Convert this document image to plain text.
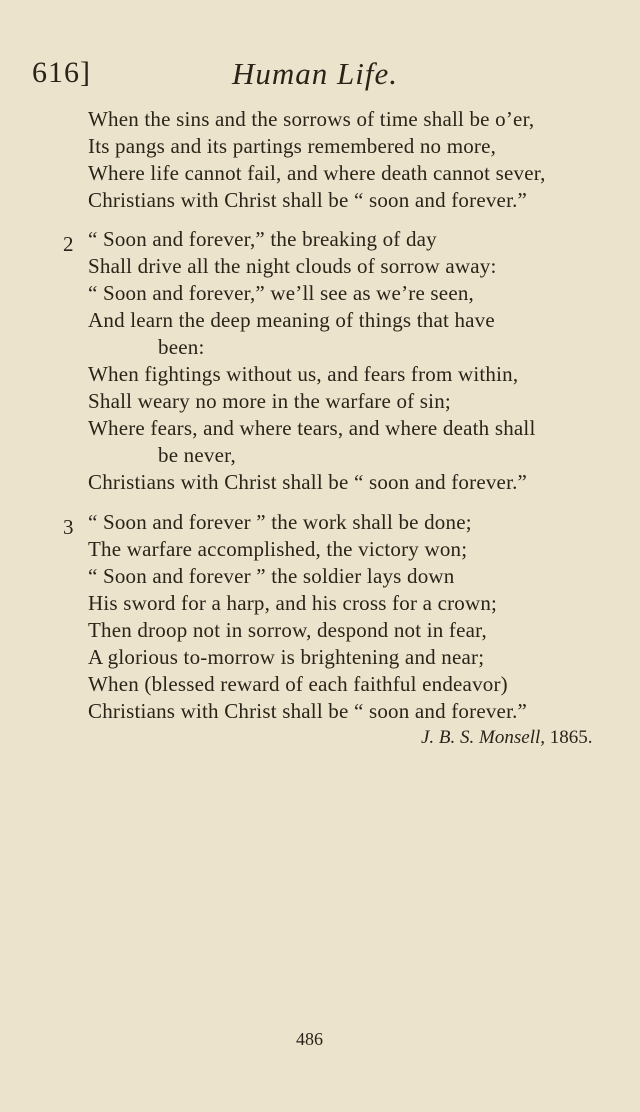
616]	Human Life.
When the sins and the sorrows of time shall be o’er,
Its pangs and its partings remembered no more,
Where life cannot fail, and where death cannot sever,
Christians with Christ shall be “ soon and forever.”
2 “ Soon and forever,” the breaking of day
Shall drive all the night clouds of sorrow away:
“ Soon and forever,” we’ll see as we’re seen,
And learn the deep meaning of things that have
been:
When fightings without us, and fears from within,
Shall weary no more in the warfare of sin;
Where fears, and where tears, and where death shall
be never,
Christians with Christ shall be “ soon and forever.”
3 “ Soon and forever ” the work shall be done;
The warfare accomplished, the victory won;
“ Soon and forever ” the soldier lays down
His sword for a harp, and his cross for a crown;
Then droop not in sorrow, despond not in fear,
A glorious to-morrow is brightening and near;
When (blessed reward of each faithful endeavor)
Christians with Christ shall be “ soon and forever.”
J. B. S. Monsell, 1865.
486
